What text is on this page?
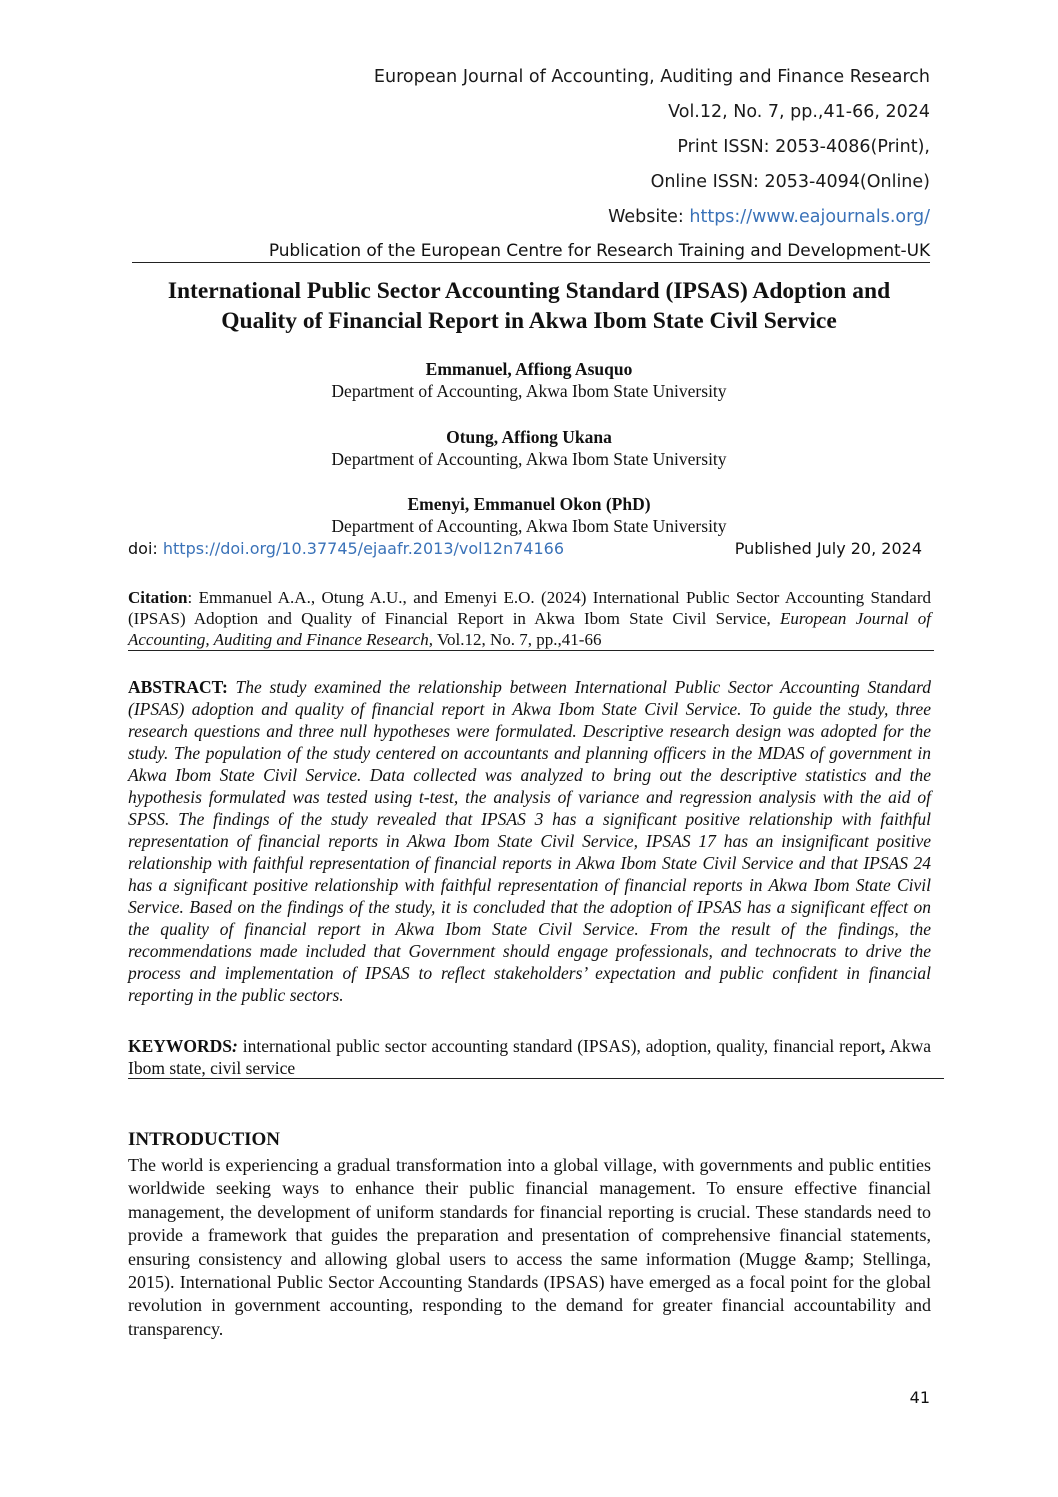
European Journal of Accounting, Auditing and Finance Research
Vol.12, No. 7, pp.,41-66, 2024
Print ISSN: 2053-4086(Print),
Online ISSN: 2053-4094(Online)
Website: https://www.eajournals.org/
Publication of the European Centre for Research Training and Development-UK
International Public Sector Accounting Standard (IPSAS) Adoption and
Quality of Financial Report in Akwa Ibom State Civil Service
Emmanuel, Affiong Asuquo
Department of Accounting, Akwa Ibom State University
Otung, Affiong Ukana
Department of Accounting, Akwa Ibom State University
Emenyi, Emmanuel Okon (PhD)
Department of Accounting, Akwa Ibom State University
doi: https://doi.org/10.37745/ejaafr.2013/vol12n74166	Published July 20, 2024
Citation: Emmanuel A.A., Otung A.U., and Emenyi E.O. (2024) International Public Sector Accounting Standard (IPSAS) Adoption and Quality of Financial Report in Akwa Ibom State Civil Service, European Journal of Accounting, Auditing and Finance Research, Vol.12, No. 7, pp.,41-66
ABSTRACT: The study examined the relationship between International Public Sector Accounting Standard (IPSAS) adoption and quality of financial report in Akwa Ibom State Civil Service. To guide the study, three research questions and three null hypotheses were formulated. Descriptive research design was adopted for the study. The population of the study centered on accountants and planning officers in the MDAS of government in Akwa Ibom State Civil Service. Data collected was analyzed to bring out the descriptive statistics and the hypothesis formulated was tested using t-test, the analysis of variance and regression analysis with the aid of SPSS. The findings of the study revealed that IPSAS 3 has a significant positive relationship with faithful representation of financial reports in Akwa Ibom State Civil Service, IPSAS 17 has an insignificant positive relationship with faithful representation of financial reports in Akwa Ibom State Civil Service and that IPSAS 24 has a significant positive relationship with faithful representation of financial reports in Akwa Ibom State Civil Service. Based on the findings of the study, it is concluded that the adoption of IPSAS has a significant effect on the quality of financial report in Akwa Ibom State Civil Service. From the result of the findings, the recommendations made included that Government should engage professionals, and technocrats to drive the process and implementation of IPSAS to reflect stakeholders’ expectation and public confident in financial reporting in the public sectors.
KEYWORDS: international public sector accounting standard (IPSAS), adoption, quality, financial report, Akwa Ibom state, civil service
INTRODUCTION
The world is experiencing a gradual transformation into a global village, with governments and public entities worldwide seeking ways to enhance their public financial management. To ensure effective financial management, the development of uniform standards for financial reporting is crucial. These standards need to provide a framework that guides the preparation and presentation of comprehensive financial statements, ensuring consistency and allowing global users to access the same information (Mugge &amp; Stellinga, 2015). International Public Sector Accounting Standards (IPSAS) have emerged as a focal point for the global revolution in government accounting, responding to the demand for greater financial accountability and transparency.
41
